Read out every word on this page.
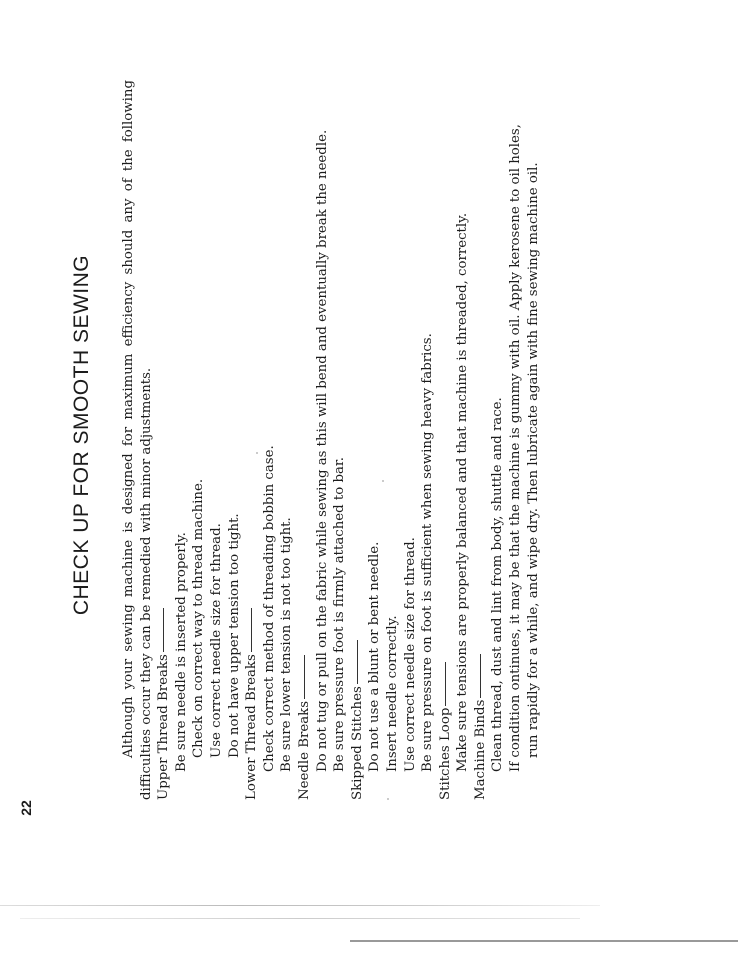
22
CHECK UP FOR SMOOTH SEWING Although your sewing machine is designed for maximum efficiency should any of the following difficulties occur they can be remedied with minor adjustments. Upper Thread Breaks Be sure needle is inserted properly. Check on correct way to thread machine. Use correct needle size for thread. Do not have upper tension too tight. Lower Thread Breaks Check correct method of threading bobbin case. Be sure lower tension is not too tight. Needle Breaks Do not tug or pull on the fabric while sewing as this will bend and eventually break the needle. Be sure pressure foot is firmly attached to bar. Skipped Stitches Do not use a blunt or bent needle. Insert needle correctly. Use correct needle size for thread. Be sure pressure on foot is sufficient when sewing heavy fabrics. Stitches Loop Make sure tensions are properly balanced and that machine is threaded, correctly. Machine Binds Clean thread, dust and lint from body, shuttle and race. If condition ontinues, it may be that the machine is gummy with oil. Apply kerosene to oil holes, run rapidly for a while, and wipe dry. Then lubricate again with fine sewing machine oil.
